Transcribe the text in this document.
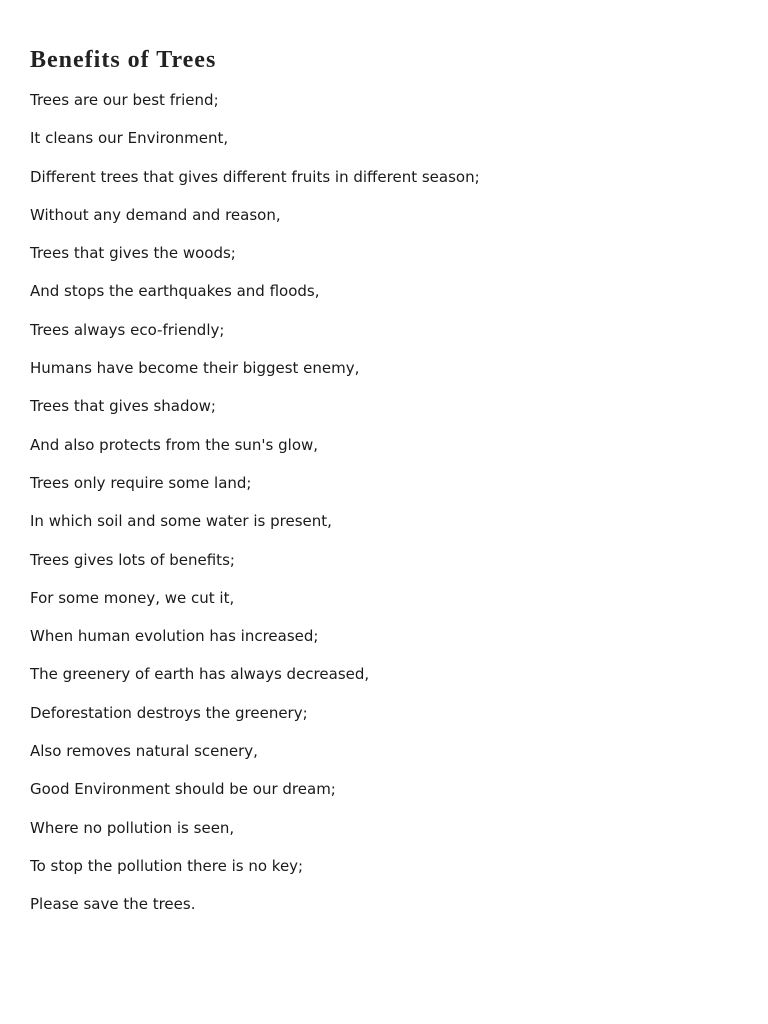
Benefits of Trees
Trees are our best friend;
It cleans our Environment,
Different trees that gives different fruits in different season;
Without any demand and reason,
Trees that gives the woods;
And stops the earthquakes and floods,
Trees always eco-friendly;
Humans have become their biggest enemy,
Trees that gives shadow;
And also protects from the sun's glow,
Trees only require some land;
In which soil and some water is present,
Trees gives lots of benefits;
For some money, we cut it,
When human evolution has increased;
The greenery of earth has always decreased,
Deforestation destroys the greenery;
Also removes natural scenery,
Good Environment should be our dream;
Where no pollution is seen,
To stop the pollution there is no key;
Please save the trees.
